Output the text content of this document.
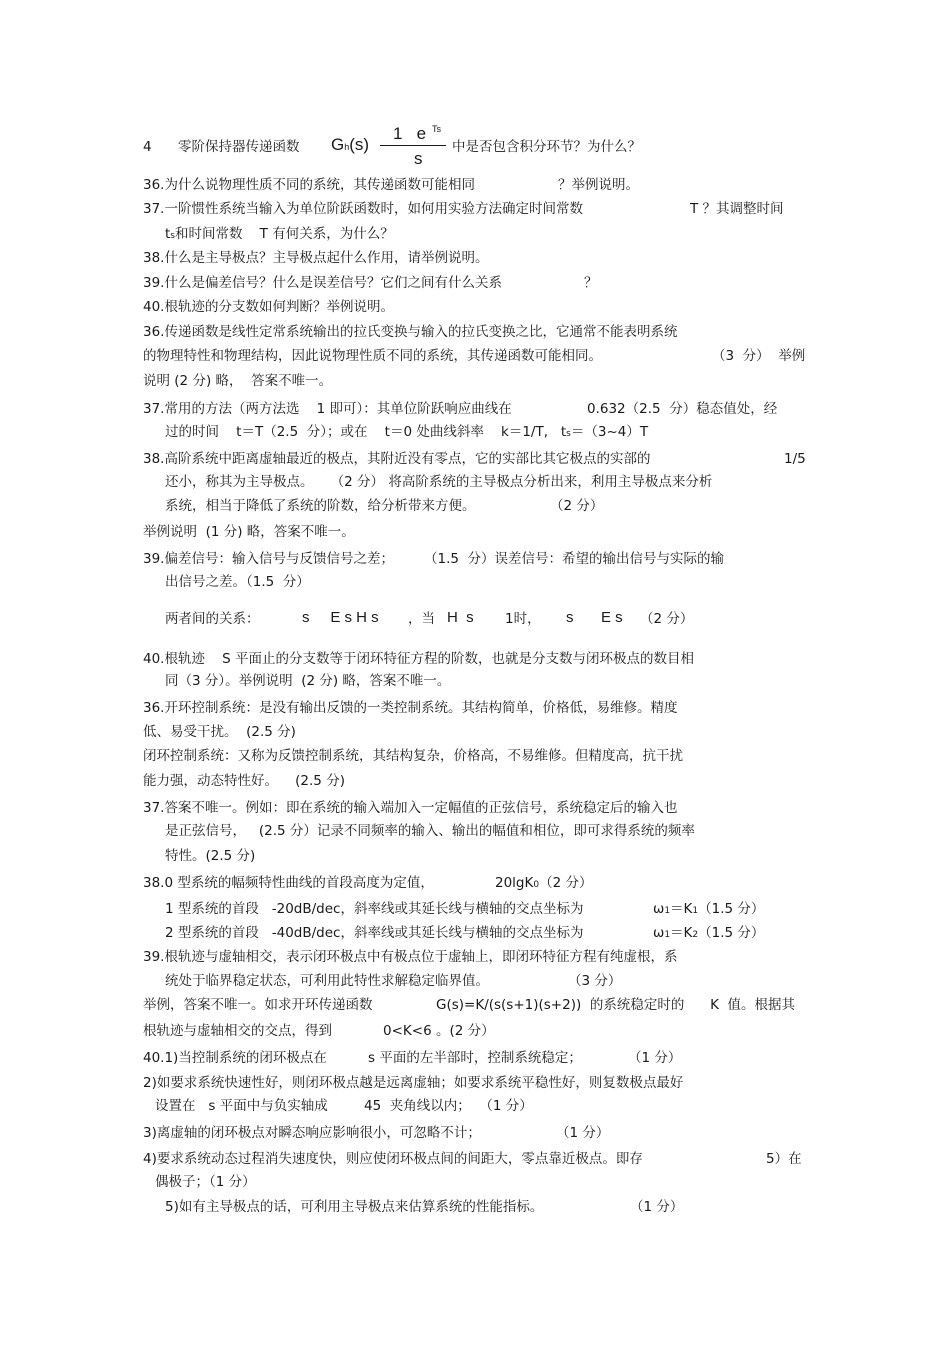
4 零阶保持器传递函数 Gh(s)
1   e Ts
s
中是否包含积分环节？为什么？
36.为什么说物理性质不同的系统，其传递函数可能相同	？举例说明。
37.一阶惯性系统当输入为单位阶跃函数时，如何用实验方法确定时间常数	T ？其调整时间
ts和时间常数    T 有何关系，为什么？
38.什么是主导极点？主导极点起什么作用，请举例说明。
39.什么是偏差信号？什么是误差信号？它们之间有什么关系	？
40.根轨迹的分支数如何判断？举例说明。
36.传递函数是线性定常系统输出的拉氏变换与输入的拉氏变换之比，它通常不能表明系统
的物理特性和物理结构，因此说物理性质不同的系统，其传递函数可能相同。	（3  分）  举例
说明 (2 分) 略，  答案不唯一。
37.常用的方法（两方法选    1 即可）：其单位阶跃响应曲线在	0.632（2.5  分）稳态值处，经
过的时间    t＝T（2.5  分）；或在    t＝0 处曲线斜率    k＝1/T,   ts＝（3~4）T
38.高阶系统中距离虚轴最近的极点，其附近没有零点，它的实部比其它极点的实部的	1/5
还小，称其为主导极点。    （2 分） 将高阶系统的主导极点分析出来，利用主导极点来分析
系统，相当于降低了系统的阶数，给分析带来方便。	（2 分）
举例说明  (1 分) 略，答案不唯一。
39.偏差信号：输入信号与反馈信号之差；       （1.5  分）误差信号：希望的输出信号与实际的输
出信号之差。（1.5  分）
两者间的关系：	s     E s H s ，当 H  s 1时， s E s （2 分）
40.根轨迹    S 平面止的分支数等于闭环特征方程的阶数，也就是分支数与闭环极点的数目相
同（3 分）。举例说明  (2 分) 略，答案不唯一。
36.开环控制系统：是没有输出反馈的一类控制系统。其结构简单，价格低，易维修。精度
低、易受干扰。  (2.5 分)
闭环控制系统：又称为反馈控制系统，其结构复杂，价格高，不易维修。但精度高，抗干扰
能力强，动态特性好。    (2.5 分)
37.答案不唯一。例如：即在系统的输入端加入一定幅值的正弦信号，系统稳定后的输入也
是正弦信号，   (2.5 分）记录不同频率的输入、输出的幅值和相位，即可求得系统的频率
特性。(2.5 分)
38.0 型系统的幅频特性曲线的首段高度为定值，	20lgK0（2 分）
1 型系统的首段   -20dB/dec，斜率线或其延长线与横轴的交点坐标为	ω1＝K1（1.5 分）
2 型系统的首段   -40dB/dec，斜率线或其延长线与横轴的交点坐标为	ω1＝K2（1.5 分）
39.根轨迹与虚轴相交，表示闭环极点中有极点位于虚轴上，即闭环特征方程有纯虚根，系
统处于临界稳定状态，可利用此特性求解稳定临界值。	（3 分）
举例，答案不唯一。如求开环传递函数	G(s)=K/(s(s+1)(s+2))  的系统稳定时的      K  值。根据其
根轨迹与虚轴相交的交点，得到	0<K<6 。(2 分）
40.1)当控制系统的闭环极点在	s 平面的左半部时，控制系统稳定；	（1 分）
2)如要求系统快速性好，则闭环极点越是远离虚轴；如要求系统平稳性好，则复数极点最好
设置在   s 平面中与负实轴成	45  夹角线以内；  （1 分）
3)离虚轴的闭环极点对瞬态响应影响很小，可忽略不计；	（1 分）
4)要求系统动态过程消失速度快，则应使闭环极点间的间距大，零点靠近极点。即存	5）在
偶极子；（1 分）
5)如有主导极点的话，可利用主导极点来估算系统的性能指标。	（1 分）
